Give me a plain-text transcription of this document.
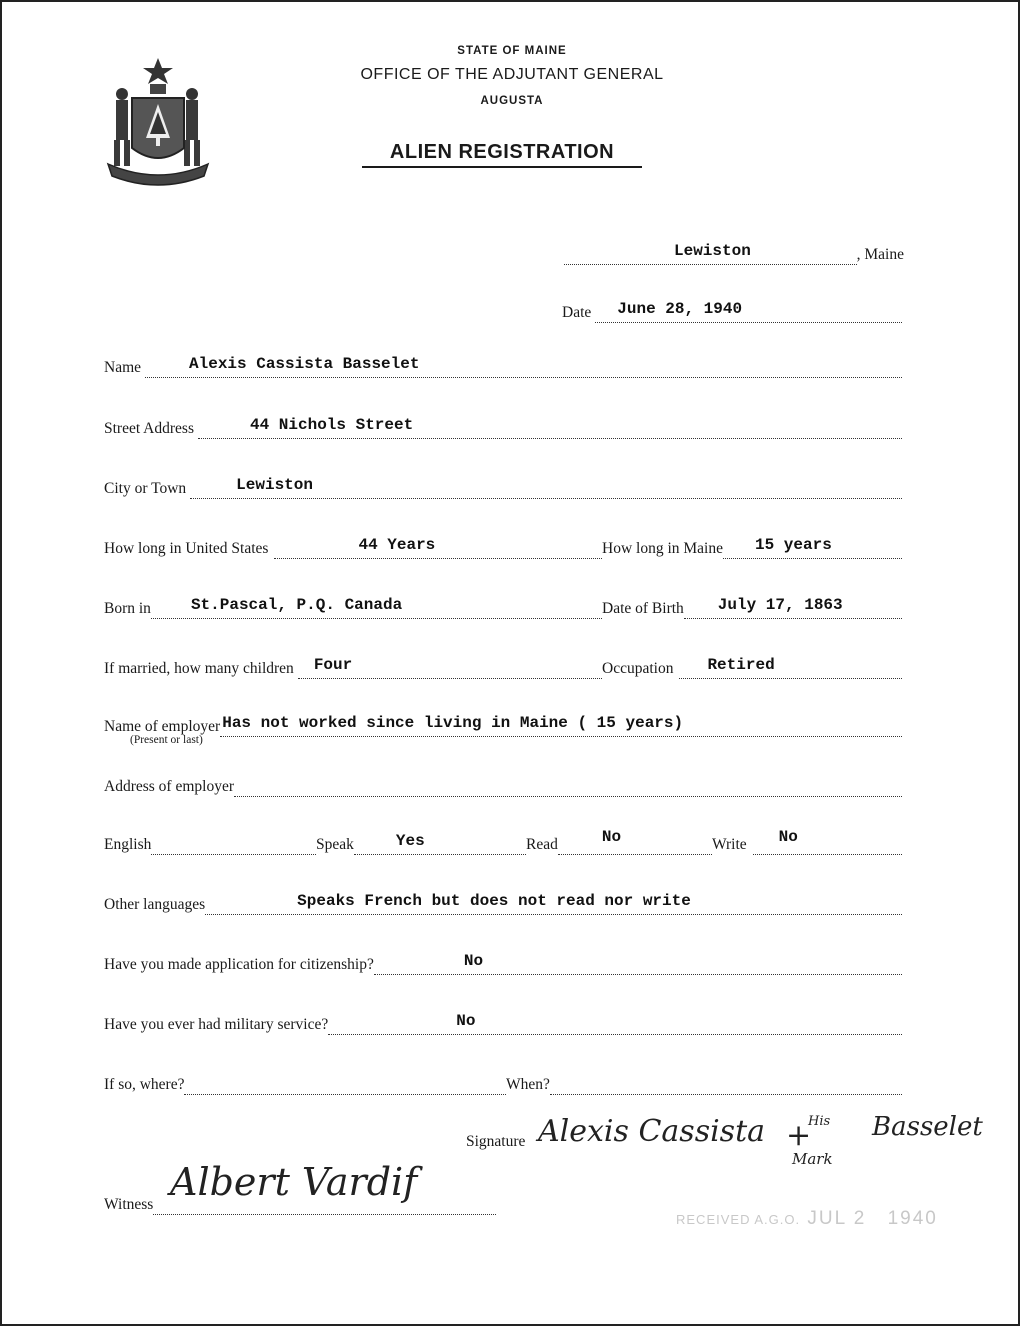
STATE OF MAINE
OFFICE OF THE ADJUTANT GENERAL
AUGUSTA
ALIEN REGISTRATION
Lewiston	, Maine
Date June 28, 1940
Name	Alexis Cassista Basselet
Street Address	44 Nichols Street
City or Town	Lewiston
How long in United States	44 Years	How long in Maine 15 years
Born in	St.Pascal, P.Q. Canada	Date of Birth July 17, 1863
If married, how many children Four	Occupation Retired
Name of employer Has not worked since living in Maine ( 15 years)
(Present or last)
Address of employer
English	Speak	Yes	Read	No	Write No
Other languages	Speaks French but does not read nor write
Have you made application for citizenship?	No
Have you ever had military service?	No
If so, where?	When?
Signature Alexis Cassista	His
+
Mark
Basselet
Witness
Albert Vardif
RECEIVED A.G.O. JUL 2 1940
